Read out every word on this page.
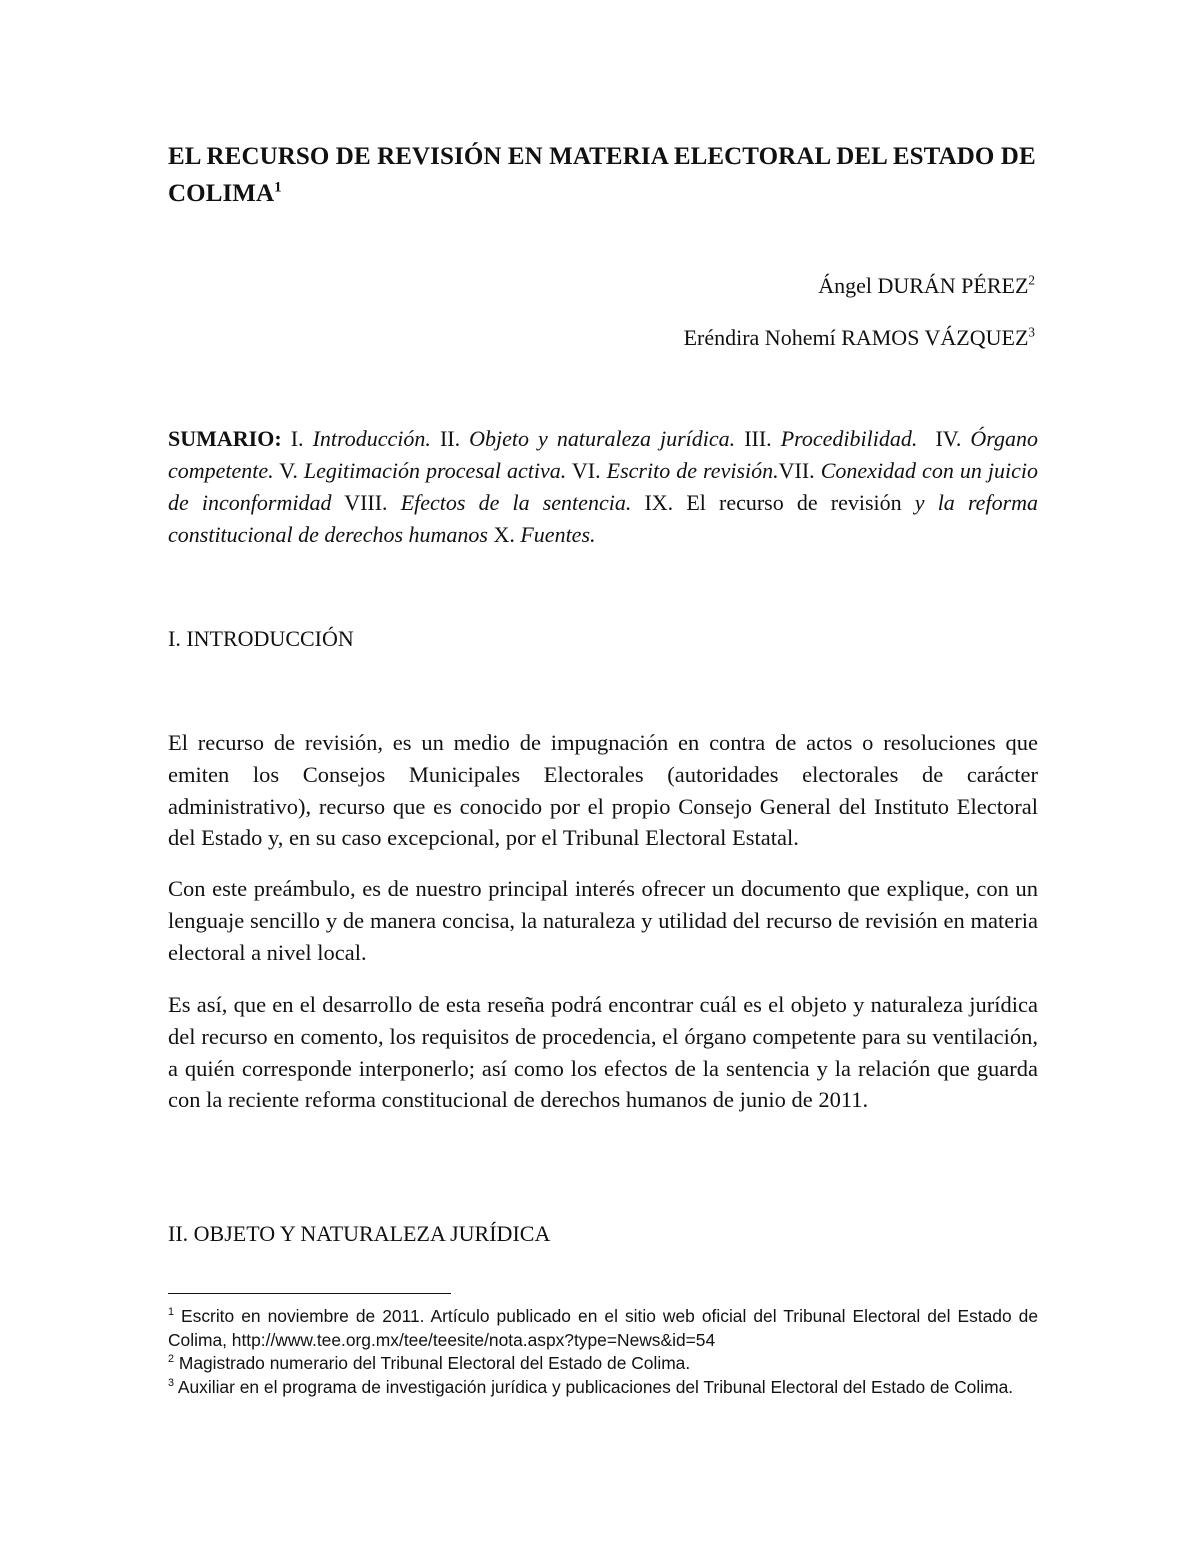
EL RECURSO DE REVISIÓN EN MATERIA ELECTORAL DEL ESTADO DE COLIMA$^1$
Ángel DURÁN PÉREZ$^2$
Eréndira Nohemí RAMOS VÁZQUEZ$^3$
SUMARIO: I. Introducción. II. Objeto y naturaleza jurídica. III. Procedibilidad.  IV. Órgano competente. V. Legitimación procesal activa. VI. Escrito de revisión.VII. Conexidad con un juicio de inconformidad VIII. Efectos de la sentencia. IX. El recurso de revisión y la reforma constitucional de derechos humanos X. Fuentes.
I. INTRODUCCIÓN

El recurso de revisión, es un medio de impugnación en contra de actos o resoluciones que emiten los Consejos Municipales Electorales (autoridades electorales de carácter administrativo), recurso que es conocido por el propio Consejo General del Instituto Electoral del Estado y, en su caso excepcional, por el Tribunal Electoral Estatal.

Con este preámbulo, es de nuestro principal interés ofrecer un documento que explique, con un lenguaje sencillo y de manera concisa, la naturaleza y utilidad del recurso de revisión en materia electoral a nivel local.

Es así, que en el desarrollo de esta reseña podrá encontrar cuál es el objeto y naturaleza jurídica del recurso en comento, los requisitos de procedencia, el órgano competente para su ventilación, a quién corresponde interponerlo; así como los efectos de la sentencia y la relación que guarda con la reciente reforma constitucional de derechos humanos de junio de 2011.

II. OBJETO Y NATURALEZA JURÍDICA

$^1$ Escrito en noviembre de 2011. Artículo publicado en el sitio web oficial del Tribunal Electoral del Estado de Colima, http://www.tee.org.mx/tee/teesite/nota.aspx?type=News&id=54

$^2$ Magistrado numerario del Tribunal Electoral del Estado de Colima.

$^3$ Auxiliar en el programa de investigación jurídica y publicaciones del Tribunal Electoral del Estado de Colima.
